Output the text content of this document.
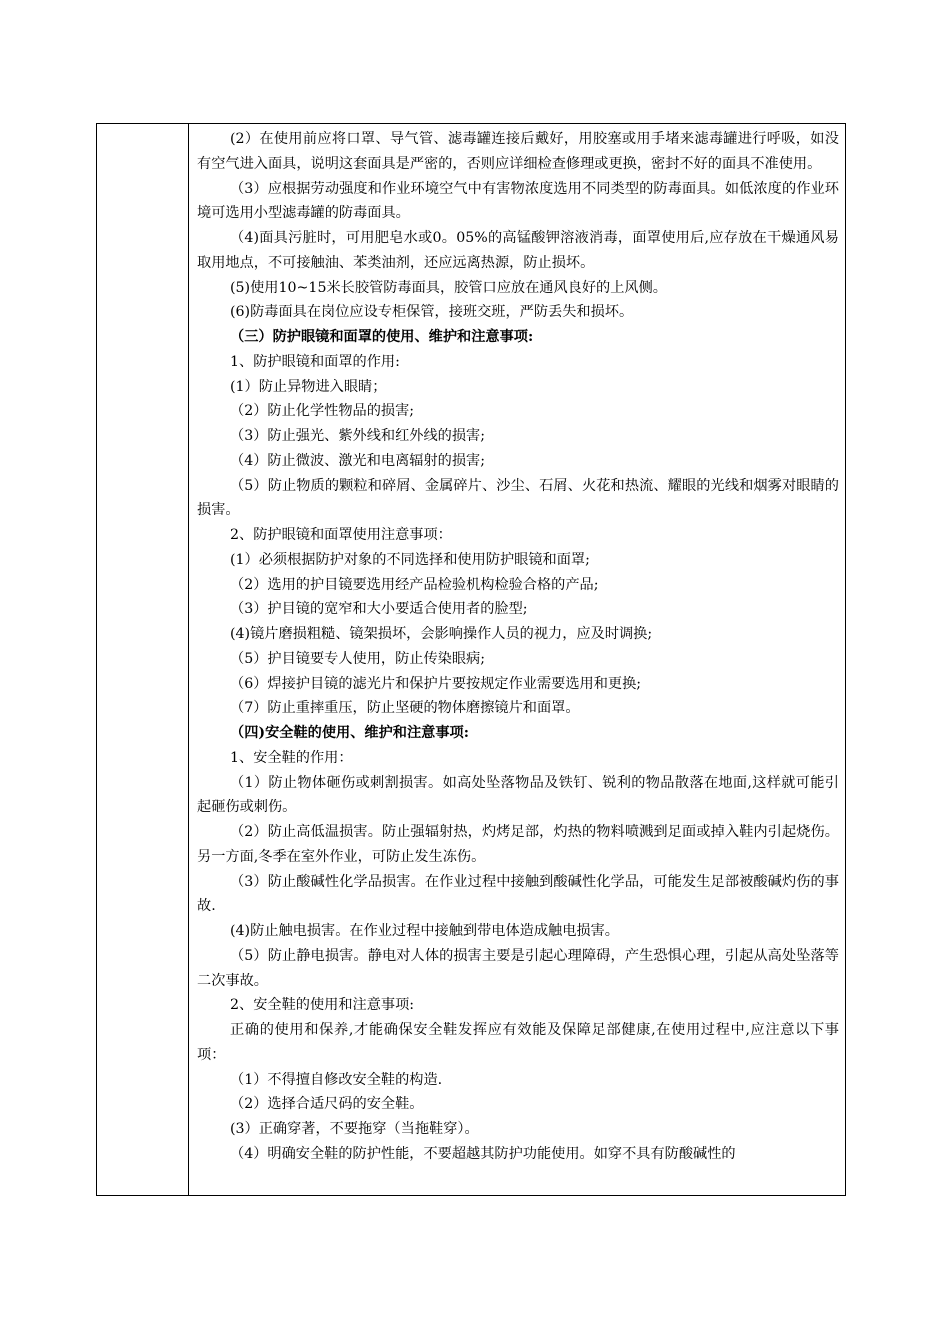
(2）在使用前应将口罩、导气管、滤毒罐连接后戴好，用胶塞或用手堵来滤毒罐进行呼吸，如没有空气进入面具，说明这套面具是严密的，否则应详细检查修理或更换，密封不好的面具不准使用。

（3）应根据劳动强度和作业环境空气中有害物浓度选用不同类型的防毒面具。如低浓度的作业环境可选用小型滤毒罐的防毒面具。

（4)面具污脏时，可用肥皂水或0。05%的高锰酸钾溶液消毒，面罩使用后,应存放在干燥通风易取用地点，不可接触油、苯类油剂，还应远离热源，防止损坏。

(5)使用10~15米长胶管防毒面具，胶管口应放在通风良好的上风侧。

(6)防毒面具在岗位应设专柜保管，接班交班，严防丢失和损坏。

（三）防护眼镜和面罩的使用、维护和注意事项:

1、防护眼镜和面罩的作用:

(1）防止异物进入眼睛；

（2）防止化学性物品的损害;

（3）防止强光、紫外线和红外线的损害;

（4）防止微波、激光和电离辐射的损害;

（5）防止物质的颗粒和碎屑、金属碎片、沙尘、石屑、火花和热流、耀眼的光线和烟雾对眼睛的损害。

2、防护眼镜和面罩使用注意事项：

(1）必须根据防护对象的不同选择和使用防护眼镜和面罩;

（2）选用的护目镜要选用经产品检验机构检验合格的产品;

（3）护目镜的宽窄和大小要适合使用者的脸型;

(4)镜片磨损粗糙、镜架损坏，会影响操作人员的视力，应及时调换;

（5）护目镜要专人使用，防止传染眼病;

（6）焊接护目镜的滤光片和保护片要按规定作业需要选用和更换;

（7）防止重摔重压，防止坚硬的物体磨擦镜片和面罩。

（四)安全鞋的使用、维护和注意事项:

1、安全鞋的作用：

（1）防止物体砸伤或刺割损害。如高处坠落物品及铁钉、锐利的物品散落在地面,这样就可能引起砸伤或刺伤。

（2）防止高低温损害。防止强辐射热，灼烤足部，灼热的物料喷溅到足面或掉入鞋内引起烧伤。另一方面,冬季在室外作业，可防止发生冻伤。

（3）防止酸碱性化学品损害。在作业过程中接触到酸碱性化学品，可能发生足部被酸碱灼伤的事故.

(4)防止触电损害。在作业过程中接触到带电体造成触电损害。

（5）防止静电损害。静电对人体的损害主要是引起心理障碍，产生恐惧心理，引起从高处坠落等二次事故。

2、安全鞋的使用和注意事项:

正确的使用和保养,才能确保安全鞋发挥应有效能及保障足部健康,在使用过程中,应注意以下事项：

（1）不得擅自修改安全鞋的构造.

（2）选择合适尺码的安全鞋。

(3）正确穿著，不要拖穿（当拖鞋穿）。

（4）明确安全鞋的防护性能，不要超越其防护功能使用。如穿不具有防酸碱性的
